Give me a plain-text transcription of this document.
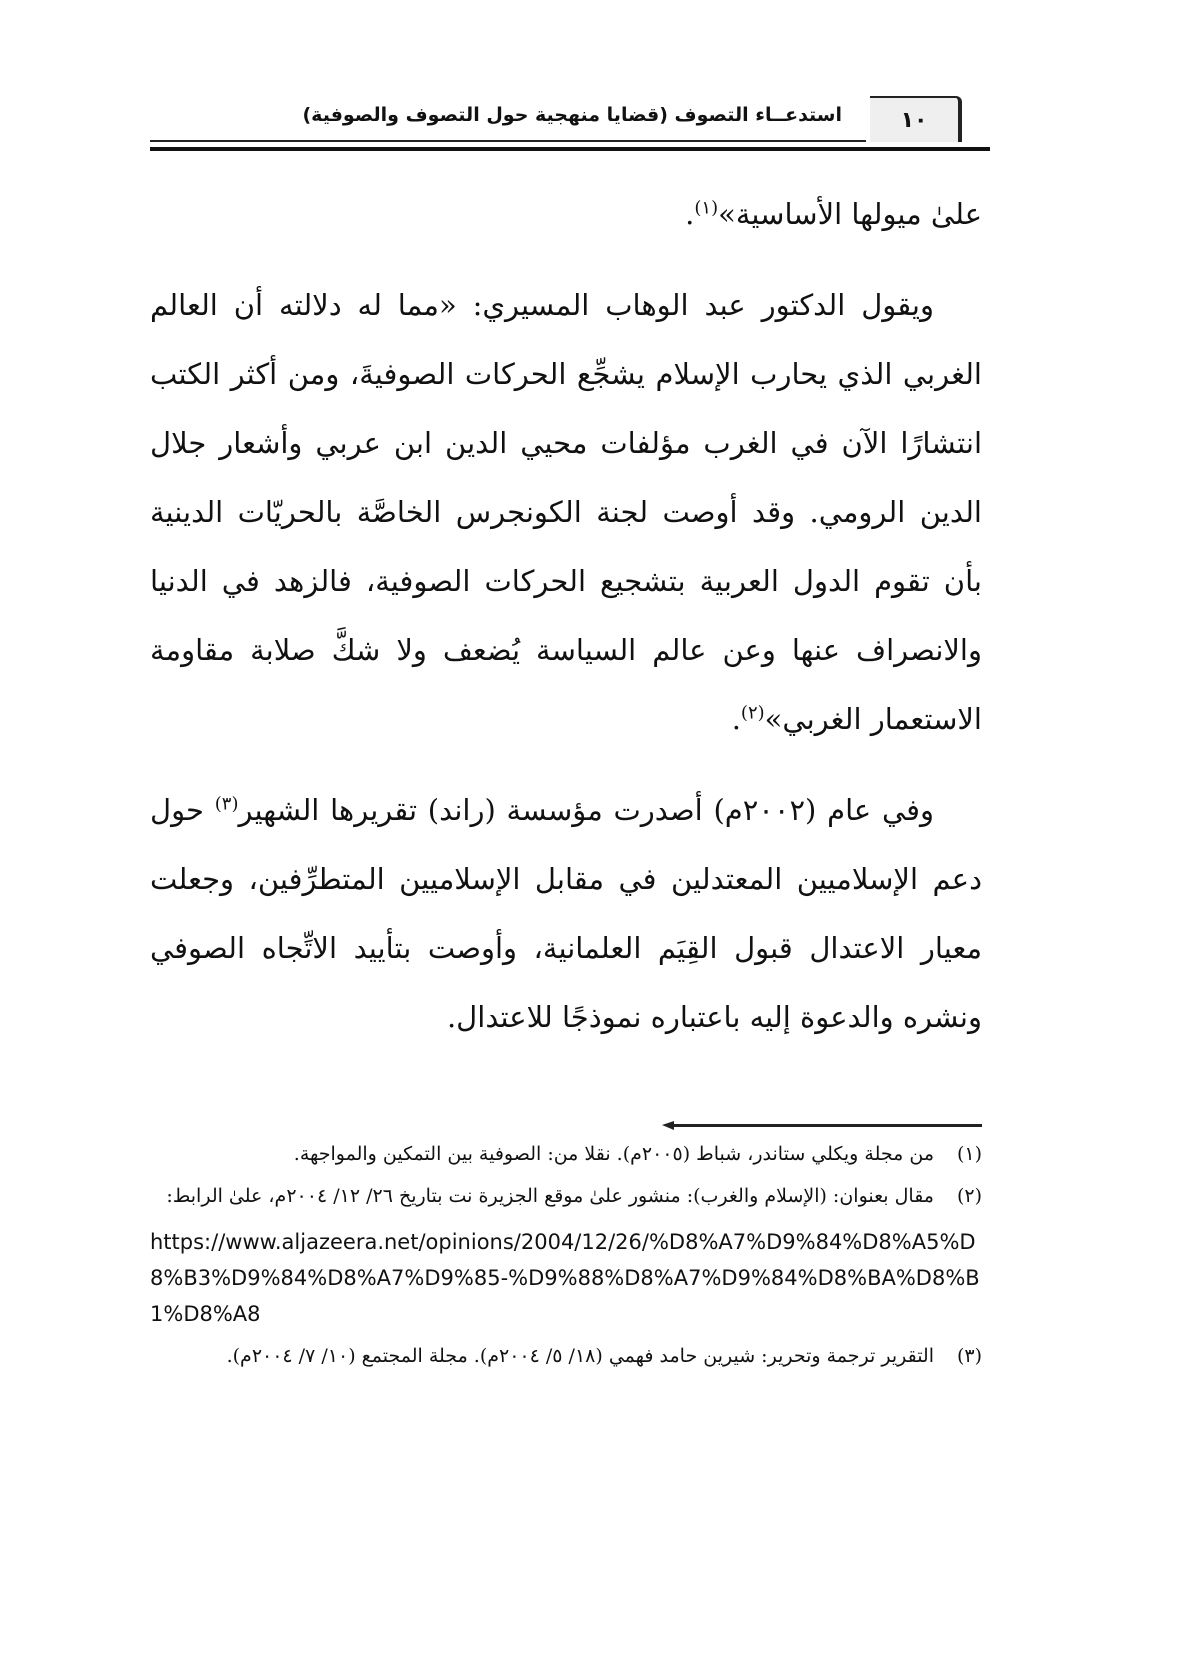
١٠
استدعــاء التصوف (قضايا منهجية حول التصوف والصوفية)

علىٰ ميولها الأساسية»$^{(١)}$.

ويقول الدكتور عبد الوهاب المسيري: «مما له دلالته أن العالم الغربي الذي يحارب الإسلام يشجِّع الحركات الصوفيةَ، ومن أكثر الكتب انتشارًا الآن في الغرب مؤلفات محيي الدين ابن عربي وأشعار جلال الدين الرومي. وقد أوصت لجنة الكونجرس الخاصَّة بالحريّات الدينية بأن تقوم الدول العربية بتشجيع الحركات الصوفية، فالزهد في الدنيا والانصراف عنها وعن عالم السياسة يُضعف ولا شكَّ صلابة مقاومة الاستعمار الغربي»$^{(٢)}$.

وفي عام (٢٠٠٢م) أصدرت مؤسسة (راند) تقريرها الشهير$^{(٣)}$ حول دعم الإسلاميين المعتدلين في مقابل الإسلاميين المتطرِّفين، وجعلت معيار الاعتدال قبول القِيَم العلمانية، وأوصت بتأييد الاتِّجاه الصوفي ونشره والدعوة إليه باعتباره نموذجًا للاعتدال.

(١)
من مجلة ويكلي ستاندر، شباط (٢٠٠٥م). نقلا من: الصوفية بين التمكين والمواجهة.
(٢)
مقال بعنوان: (الإسلام والغرب): منشور علىٰ موقع الجزيرة نت بتاريخ ٢٦/ ١٢/ ٢٠٠٤م، علىٰ الرابط:
https://www.aljazeera.net/opinions/2004/12/26/%D8%A7%D9%84%D8%A5%D8%B3%D9%84%D8%A7%D9%85-%D9%88%D8%A7%D9%84%D8%BA%D8%B1%D8%A8
(٣)
التقرير ترجمة وتحرير: شيرين حامد فهمي (١٨/ ٥/ ٢٠٠٤م). مجلة المجتمع (١٠/ ٧/ ٢٠٠٤م).
